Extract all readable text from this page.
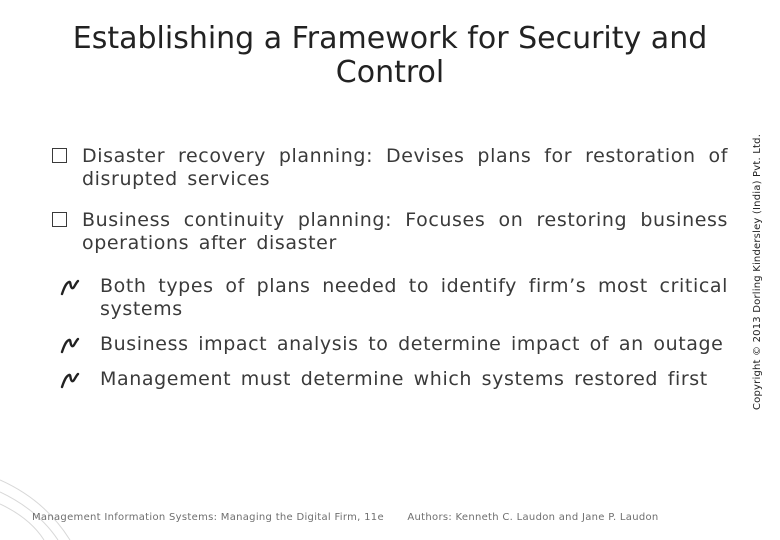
Establishing a Framework for Security and
Control
Disaster recovery planning: Devises plans for restoration of disrupted services
Business continuity planning: Focuses on restoring business operations after disaster
Both types of plans needed to identify firm’s most critical systems
Business impact analysis to determine impact of an outage
Management must determine which systems restored first	Copyright © 2013 Dorling Kindersley (India) Pvt. Ltd.
Management Information Systems: Managing the Digital Firm, 11e Authors: Kenneth C. Laudon and Jane P. Laudon
